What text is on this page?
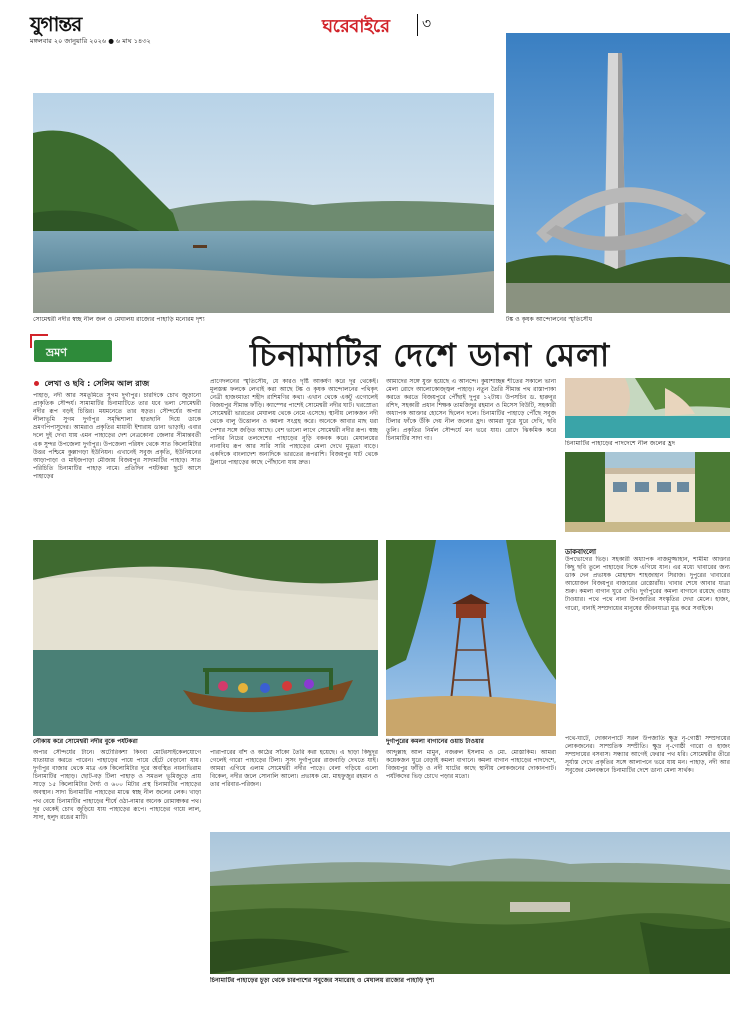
যুগান্তর
মঙ্গলবার ২০ জানুয়ারি ২০২৬ ● ৬ মাঘ ১৪৩২
ঘরেবাইরে ৩
সোমেশ্বরী নদীর স্বচ্ছ নীল জল ও মেঘালয় রাজ্যের পাহাড়ি মনোরম দৃশ্য	টঙ্ক ও কৃষক আন্দোলনের স্মৃতিসৌধ
ভ্রমণ	চিনামাটির দেশে ডানা মেলা
লেখা ও ছবি : সেলিম আল রাজ
পাহাড়, নদী আর সমতূমিতে সুগম দুর্গাপুর। চারদিকে চোখ জুড়ানো প্রাকৃতিক সৌন্দর্য। সামামাটির চিনামাটিতে তার ধবে ভলা সোমেশ্বরী নদীর রূপ বড়ই চিত্তির। ময়মনেতে তার ষড়ত। সৌন্দর্যের অপার লীলাভূমি সুগম দুর্গাপুর সমৃদ্ধিশালা হাতছানি দিয়ে ডাকে ভ্রমণপিপাসুদের। আমরাও প্রকৃতির মায়াবী ইশারায় ডানা ভাড়াই। এবার দলে দুই দেখা যায় এমন পাহাড়ের দেশ নেত্রকোনা জেলার সীমান্তবর্তী এক সুন্দর উপজেলা দুর্গাপুর। উপজেলা পরিষদ থেকে সাত কিলোমিটার উত্তর পশ্চিমে কুল্লাগড়া ইউনিয়ন। এখানেই সবুজ প্রকৃতি, ইউনিয়নের আড়াপাড়া ও মাইজপাড়া মৌজায় বিজয়পুর সাদামাটির পাহাড়। সাত পরিচিতি চিনামাটির পাহাড় নামে। প্রতিদিন পর্যটকরা ছুটে আসে পাহাড়ের
প্রাণেদলনের স্মৃতিসৌধ, যে কারও দৃষ্টি আকর্ষণ করে দূর থেকেই। মূলস্তম্ভ ফলকে লেখাই করা আছে টঙ্ক ও কৃষক আন্দোলনের পথিকৃৎ নেত্রী হাজংমাতা শহীদ রাশিমণির কথা। এখান থেকে একটু এগোলেই বিজয়পুর সীমান্ত ফাঁড়ি। ক্যাম্পের পাশেই সোমেশ্বরী নদীর ঘাট। খরস্রোতা সোমেশ্বরী ভারতের মেঘালয় থেকে নেমে এসেছে। স্থানীয় লোকজন নদী থেকে বালু উত্তোলন ও কয়লা সংগ্রহ করে। অনেকে আবার মাছ ধরা পেশার সঙ্গে জড়িত আছে। বেশ ভালো লাগে সোমেশ্বরী নদীর রূপ। স্বচ্ছ পানির নিচের তলদেশের পাহাড়ের নুড়ি বকবক করে। মেঘালয়ের নানাবিধ রূপ আর সারি সারি পাহাড়ের মেলা দেখে মুগ্ধতা বাড়ে। একদিকে বাংলাদেশ অন্যদিকে ভারতের রূপরাশি। বিজয়পুর ঘাট থেকে ট্রলারে পাহাড়ের কাছে পৌঁছানো যায় দ্রুত।
আমাদের সঙ্গে যুক্ত হয়েছে এ আনন্দে। কুয়াশাচ্ছন্ন শীতের সকালে ভানা মেলা রোদে আলোকোজ্জ্বল পাহাড়। নতুন তৈরি সীমান্ত পথ রাস্তাপাকা করতে করতে বিজয়পুরে পৌঁছাই দুপুর ১২টায়। উপসচিব ড. হারুনুর রশিদ, সহকারী প্রধান শিক্ষক তামজিদুর রহমান ও মিসেস বিউটি, সহকারী অধ্যাপক আক্তার হোসেন ছিলেন দলে। চিনামাটির পাহাড়ে পৌঁছে সবুজ টিলার ফাঁকে উঁকি দেয় নীল জলের হ্রদ। আমরা ঘুরে ঘুরে দেখি, ছবি তুলি। প্রকৃতির নির্মল সৌন্দর্যে মন ভরে যায়। রোদে ঝিকমিক করে চিনামাটির সাদা গা।
চিনামাটির পাহাড়ের পাদদেশে নীল জলের হ্রদ
ডাকবাংলো
উপভোগের ভিড়। সহকারী অধ্যাপক নাজমুজ্জাহান, শামীমা আক্তার কিছু ছবি তুলে পাহাড়ের দিকে এগিয়ে যান। এর মধ্যে খাবারের জন্য ডাক দেন প্রভাষক মোহাম্মদ শাহজাহান সিরাজ। দুপুরের খাবারের আয়োজন বিজয়পুর বাজারের রেস্তোরাঁয়। খাবার শেষে আবার যাত্রা শুরু। কমলা বাগান ঘুরে দেখি। দুর্গাপুরের কমলা বাগানে রয়েছে ওয়াচ টাওয়ার। পথে পথে নানা উপজাতির সংস্কৃতির দেখা মেলে। হাজং, গারো, বানাই সম্প্রদায়ের মানুষের জীবনযাত্রা মুগ্ধ করে সবাইকে।
নৌকায় করে সোমেশ্বরী নদীর বুকে পর্যটকরা	দুর্গাপুরের কমলা বাগানের ওয়াচ টাওয়ার
অপার সৌন্দর্যের টানে। অটোরিকশা কিংবা মোটরসাইকেলযোগে যাতায়াত করতে পারেন। পাহাড়ের পায়ে পায়ে হেঁটে বেড়ানো যায়। দুর্গাপুর বাজার থেকে মাত্র এক কিলোমিটার দূরে অবস্থিত নয়নাভিরাম চিনামাটির পাহাড়। ছোট-বড় টিলা পাহাড় ও সমতল ভূমিজুড়ে প্রায় সাড়ে ১৫ কিলোমিটার দৈর্ঘ্য ও ৬০০ মিটার প্রস্থ চিনামাটির পাহাড়ের অবস্থান। সাদা চিনামাটির পাহাড়ের মাঝে স্বচ্ছ নীল জলের লেক। খাড়া পথ বেয়ে চিনামাটির পাহাড়ের শীর্ষে ওঠা-নামার অনেক রোমাঞ্চকর পথ। দূর থেকেই চোখ জুড়িয়ে যায় পাহাড়ের রূপে। পাহাড়ের গায়ে লাল, সাদা, হলুদ রঙের মাটি।
পারাপারের বাঁশ ও কাঠের সাঁকো তৈরি করা হয়েছে। এ ছাড়া কিছুদূর গেলেই গারো পাহাড়ের টিলা। সুসং দুর্গাপুরের রাজবাড়ি দেখতে যাই। আমরা এগিয়ে এলাম সোমেশ্বরী নদীর পাড়ে। বেলা গড়িয়ে এলো বিকেল, নদীর জলে সোনালি আলো। প্রভাষক মো. মাহফুজুর রহমান ও তার পরিবার-পরিজন।
আব্দুল্লাহ আল মামুন, নজরুল ইসলাম ও মো. মোস্তাকিম। আমরা কয়েকজন ঘুরে বেড়াই কমলা বাগানে। কমলা বাগান পাহাড়ের পাদদেশে, বিজয়পুর ফাঁড়ি ও নদী ঘাটের কাছে স্থানীয় লোকজনের দোকানপাট। পর্যটকদের ভিড় চোখে পড়ার মতো।
পথে-ঘাটে, দোকানপাটে সরল উপজাতি ক্ষুদ্র নৃ-গোষ্ঠী সম্প্রদায়ের লোকজনের। সাম্প্রতিক সম্প্রীতি। ক্ষুদ্র নৃ-গোষ্ঠী গারো ও হাজং সম্প্রদায়ের বসবাস। সন্ধ্যার আগেই ফেরার পথ ধরি। সোমেশ্বরীর তীরে সূর্যাস্ত দেখে প্রকৃতির সঙ্গে আলাপনে ভরে যায় মন। পাহাড়, নদী আর সবুজের মেলবন্ধনে চিনামাটির দেশে ডানা মেলা সার্থক।
চিনামাটির পাহাড়ের চূড়া থেকে চারপাশের সবুজের সমারোহ ও মেঘালয় রাজ্যের পাহাড়ি দৃশ্য
